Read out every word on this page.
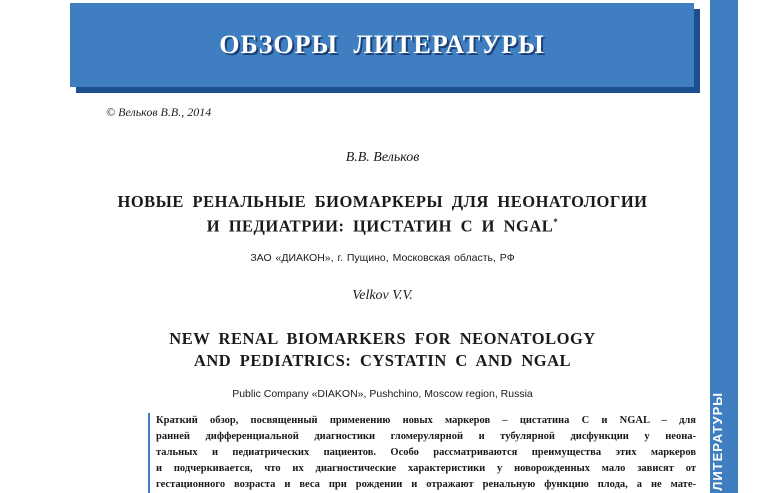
ОБЗОРЫ ЛИТЕРАТУРЫ
ЛИТЕРАТУРЫ
© Вельков В.В., 2014
В.В. Вельков
НОВЫЕ РЕНАЛЬНЫЕ БИОМАРКЕРЫ ДЛЯ НЕОНАТОЛОГИИ
И ПЕДИАТРИИ: ЦИСТАТИН С И NGAL*
ЗАО «ДИАКОН», г. Пущино, Московская область, РФ
Velkov V.V.
NEW RENAL BIOMARKERS FOR NEONATOLOGY
AND PEDIATRICS: CYSTATIN C AND NGAL
Public Company «DIAKON», Pushchino, Moscow region, Russia

Краткий обзор, посвященный применению новых маркеров – цистатина С и NGAL – для

ранней дифференциальной диагностики гломерулярной и тубулярной дисфункции у неона-

тальных и педиатрических пациентов. Особо рассматриваются преимущества этих маркеров

и подчеркивается, что их диагностические характеристики у новорожденных мало зависят от

гестационного возраста и веса при рождении и отражают ренальную функцию плода, а не мате-
